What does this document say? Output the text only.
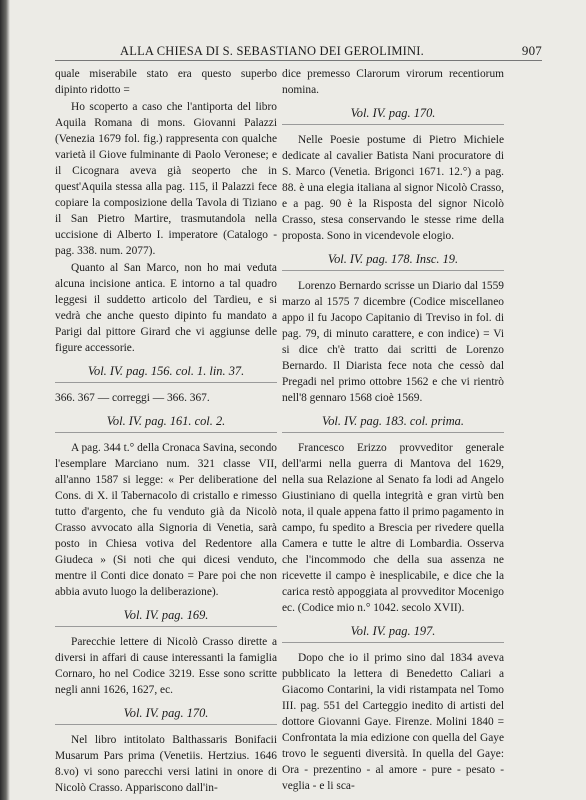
ALLA CHIESA DI S. SEBASTIANO DEI GEROLIMINI.	907

quale miserabile stato era questo superbo dipinto ridotto =

Ho scoperto a caso che l'antiporta del libro Aquila Romana di mons. Giovanni Palazzi (Venezia 1679 fol. fig.) rappresenta con qualche varietà il Giove fulminante di Paolo Veronese; e il Cicognara aveva già seoperto che in quest'Aquila stessa alla pag. 115, il Palazzi fece copiare la composizione della Tavola di Tiziano il San Pietro Martire, trasmutandola nella uccisione di Alberto I. imperatore (Catalogo - pag. 338. num. 2077).

Quanto al San Marco, non ho mai veduta alcuna incisione antica. E intorno a tal quadro leggesi il suddetto articolo del Tardieu, e si vedrà che anche questo dipinto fu mandato a Parigi dal pittore Girard che vi aggiunse delle figure accessorie.

Vol. IV. pag. 156. col. 1. lin. 37.

366. 367 — correggi — 366. 367.

Vol. IV. pag. 161. col. 2.

A pag. 344 t.° della Cronaca Savina, secondo l'esemplare Marciano num. 321 classe VII, all'anno 1587 si legge: « Per deliberatione del Cons. di X. il Tabernacolo di cristallo e rimesso tutto d'argento, che fu venduto già da Nicolò Crasso avvocato alla Signoria di Venetia, sarà posto in Chiesa votiva del Redentore alla Giudeca » (Si noti che qui dicesi venduto, mentre il Conti dice donato = Pare poi che non abbia avuto luogo la deliberazione).

Vol. IV. pag. 169.

Parecchie lettere di Nicolò Crasso dirette a diversi in affari di cause interessanti la famiglia Cornaro, ho nel Codice 3219. Esse sono scritte negli anni 1626, 1627, ec.

Vol. IV. pag. 170.

Nel libro intitolato Balthassaris Bonifacii Musarum Pars prima (Venetiis. Hertzius. 1646 8.vo) vi sono parecchi versi latini in onore di Nicolò Crasso. Appariscono dall'in-

dice premesso Clarorum virorum recentiorum nomina.

Vol. IV. pag. 170.

Nelle Poesie postume di Pietro Michiele dedicate al cavalier Batista Nani procuratore di S. Marco (Venetia. Brigonci 1671. 12.°) a pag. 88. è una elegia italiana al signor Nicolò Crasso, e a pag. 90 è la Risposta del signor Nicolò Crasso, stesa conservando le stesse rime della proposta. Sono in vicendevole elogio.

Vol. IV. pag. 178. Insc. 19.

Lorenzo Bernardo scrisse un Diario dal 1559 marzo al 1575 7 dicembre (Codice miscellaneo appo il fu Jacopo Capitanio di Treviso in fol. di pag. 79, di minuto carattere, e con indice) = Vi si dice ch'è tratto dai scritti de Lorenzo Bernardo. Il Diarista fece nota che cessò dal Pregadi nel primo ottobre 1562 e che vi rientrò nell'8 gennaro 1568 cioè 1569.

Vol. IV. pag. 183. col. prima.

Francesco Erizzo provveditor generale dell'armi nella guerra di Mantova del 1629, nella sua Relazione al Senato fa lodi ad Angelo Giustiniano di quella integrità e gran virtù ben nota, il quale appena fatto il primo pagamento in campo, fu spedito a Brescia per rivedere quella Camera e tutte le altre di Lombardia. Osserva che l'incommodo che della sua assenza ne ricevette il campo è inesplicabile, e dice che la carica restò appoggiata al provveditor Mocenigo ec. (Codice mio n.° 1042. secolo XVII).

Vol. IV. pag. 197.

Dopo che io il primo sino dal 1834 aveva pubblicato la lettera di Benedetto Caliari a Giacomo Contarini, la vidi ristampata nel Tomo III. pag. 551 del Carteggio inedito di artisti del dottore Giovanni Gaye. Firenze. Molini 1840 = Confrontata la mia edizione con quella del Gaye trovo le seguenti diversità. In quella del Gaye: Ora - prezentino - al amore - pure - pesato - veglia - e li sca-
